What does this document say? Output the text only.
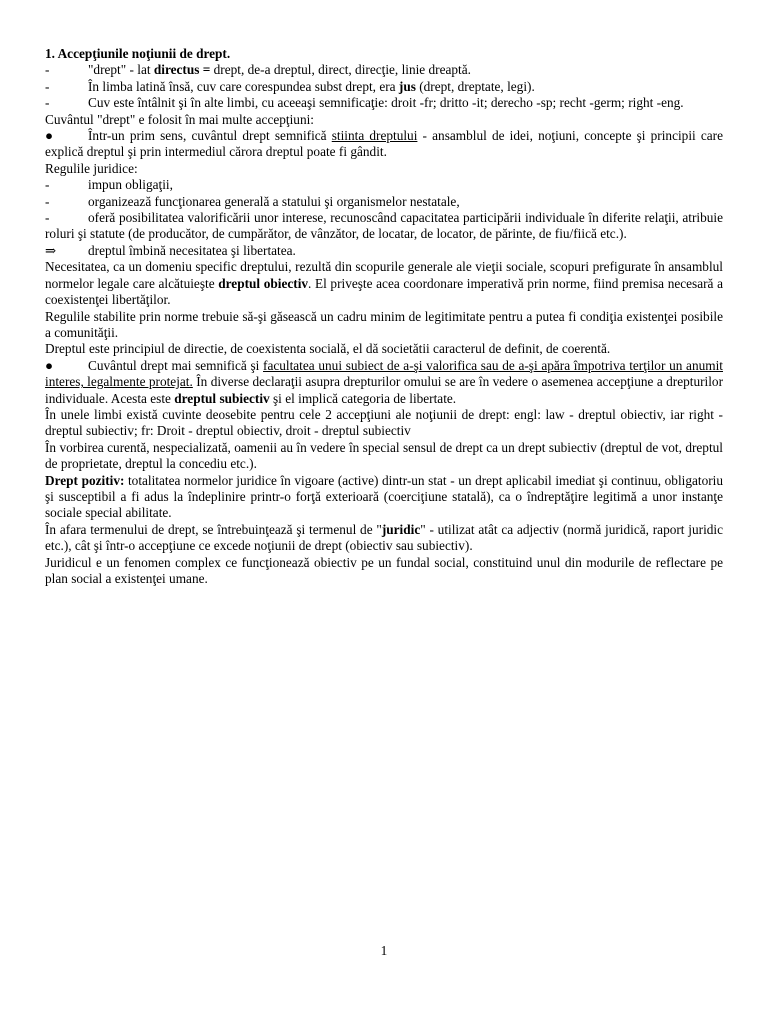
1. Accepţiunile noţiunii de drept.

-	"drept" - lat directus = drept, de-a dreptul, direct, direcţie, linie dreaptă.
-	În limba latină însă, cuv care corespundea subst drept, era jus (drept, dreptate, legi).
-	Cuv este întâlnit şi în alte limbi, cu aceeaşi semnificaţie: droit -fr; dritto -it; derecho -sp; recht -germ; right -eng.

Cuvântul "drept" e folosit în mai multe accepţiuni:

●	Într-un prim sens, cuvântul drept semnifică stiinta dreptului - ansamblul de idei, noţiuni, concepte şi principii care explică dreptul şi prin intermediul cărora dreptul poate fi gândit.

Regulile juridice:

-	impun obligaţii,
-	organizează funcţionarea generală a statului şi organismelor nestatale,

-	oferă posibilitatea valorificării unor interese, recunoscând capacitatea participării individuale în diferite relaţii, atribuie roluri şi statute (de producător, de cumpărător, de vânzător, de locatar, de locator, de părinte, de fiu/fiică etc.).

⇒	dreptul îmbină necesitatea şi libertatea.

Necesitatea, ca un domeniu specific dreptului, rezultă din scopurile generale ale vieţii sociale, scopuri prefigurate în ansamblul normelor legale care alcătuieşte dreptul obiectiv. El priveşte acea coordonare imperativă prin norme, fiind premisa necesară a coexistenţei libertăţilor.

Regulile stabilite prin norme trebuie să-şi găsească un cadru minim de legitimitate pentru a putea fi condiţia existenţei posibile a comunităţii.

Dreptul este principiul de directie, de coexistenta socială, el dă societătii caracterul de definit, de coerentă.

●	Cuvântul drept mai semnifică şi facultatea unui subiect de a-şi valorifica sau de a-şi apăra împotriva terţilor un anumit interes, legalmente protejat. În diverse declaraţii asupra drepturilor omului se are în vedere o asemenea accepţiune a drepturilor individuale. Acesta este dreptul subiectiv şi el implică categoria de libertate.

În unele limbi există cuvinte deosebite pentru cele 2 accepţiuni ale noţiunii de drept: engl: law - dreptul obiectiv, iar right - dreptul subiectiv; fr: Droit - dreptul obiectiv, droit - dreptul subiectiv

În vorbirea curentă, nespecializată, oamenii au în vedere în special sensul de drept ca un drept subiectiv (dreptul de vot, dreptul de proprietate, dreptul la concediu etc.).

Drept pozitiv: totalitatea normelor juridice în vigoare (active) dintr-un stat - un drept aplicabil imediat şi continuu, obligatoriu şi susceptibil a fi adus la îndeplinire printr-o forţă exterioară (coerciţiune statală), ca o îndreptăţire legitimă a unor instanţe sociale special abilitate.

În afara termenului de drept, se întrebuinţează şi termenul de "juridic" - utilizat atât ca adjectiv (normă juridică, raport juridic etc.), cât şi într-o accepţiune ce excede noţiunii de drept (obiectiv sau subiectiv).

Juridicul e un fenomen complex ce funcţionează obiectiv pe un fundal social, constituind unul din modurile de reflectare pe plan social a existenţei umane.

1
